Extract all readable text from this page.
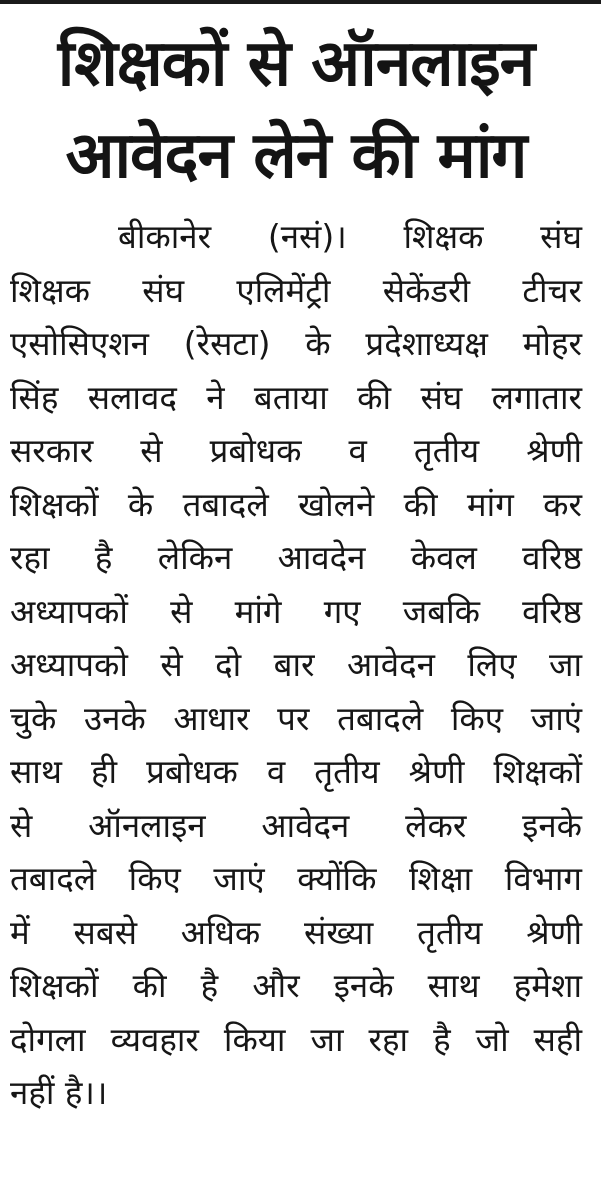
शिक्षकों से ऑनलाइन
आवेदन लेने की मांग
बीकानेर (नसं)। शिक्षक संघ
शिक्षक संघ एलिमेंट्री सेकेंडरी टीचर
एसोसिएशन (रेसटा) के प्रदेशाध्यक्ष मोहर
सिंह सलावद ने बताया की संघ लगातार
सरकार से प्रबोधक व तृतीय श्रेणी
शिक्षकों के तबादले खोलने की मांग कर
रहा है लेकिन आवदेन केवल वरिष्ठ
अध्यापकों से मांगे गए जबकि वरिष्ठ
अध्यापको से दो बार आवेदन लिए जा
चुके उनके आधार पर तबादले किए जाएं
साथ ही प्रबोधक व तृतीय श्रेणी शिक्षकों
से ऑनलाइन आवेदन लेकर इनके
तबादले किए जाएं क्योंकि शिक्षा विभाग
में सबसे अधिक संख्या तृतीय श्रेणी
शिक्षकों की है और इनके साथ हमेशा
दोगला व्यवहार किया जा रहा है जो सही
नहीं है।।
